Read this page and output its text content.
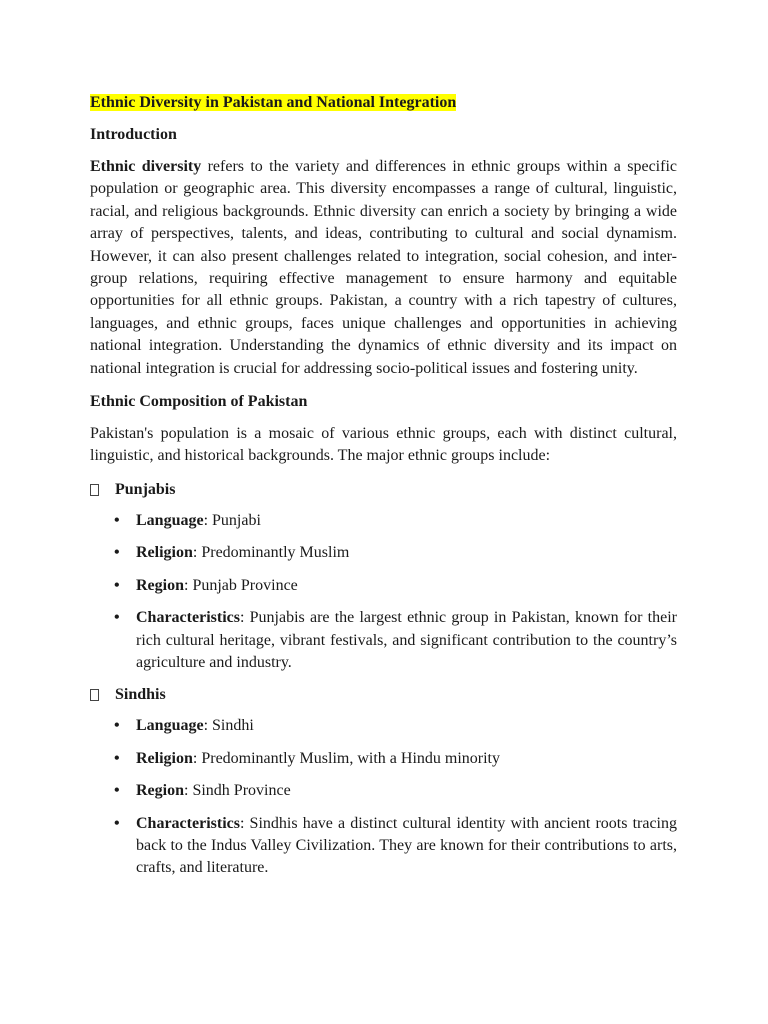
Ethnic Diversity in Pakistan and National Integration
Introduction

Ethnic diversity refers to the variety and differences in ethnic groups within a specific population or geographic area. This diversity encompasses a range of cultural, linguistic, racial, and religious backgrounds. Ethnic diversity can enrich a society by bringing a wide array of perspectives, talents, and ideas, contributing to cultural and social dynamism. However, it can also present challenges related to integration, social cohesion, and inter-group relations, requiring effective management to ensure harmony and equitable opportunities for all ethnic groups. Pakistan, a country with a rich tapestry of cultures, languages, and ethnic groups, faces unique challenges and opportunities in achieving national integration. Understanding the dynamics of ethnic diversity and its impact on national integration is crucial for addressing socio-political issues and fostering unity.

Ethnic Composition of Pakistan

Pakistan's population is a mosaic of various ethnic groups, each with distinct cultural, linguistic, and historical backgrounds. The major ethnic groups include:

Punjabis
• Language: Punjabi
• Religion: Predominantly Muslim
• Region: Punjab Province
• Characteristics: Punjabis are the largest ethnic group in Pakistan, known for their rich cultural heritage, vibrant festivals, and significant contribution to the country’s agriculture and industry.
Sindhis
• Language: Sindhi
• Religion: Predominantly Muslim, with a Hindu minority
• Region: Sindh Province
• Characteristics: Sindhis have a distinct cultural identity with ancient roots tracing back to the Indus Valley Civilization. They are known for their contributions to arts, crafts, and literature.
